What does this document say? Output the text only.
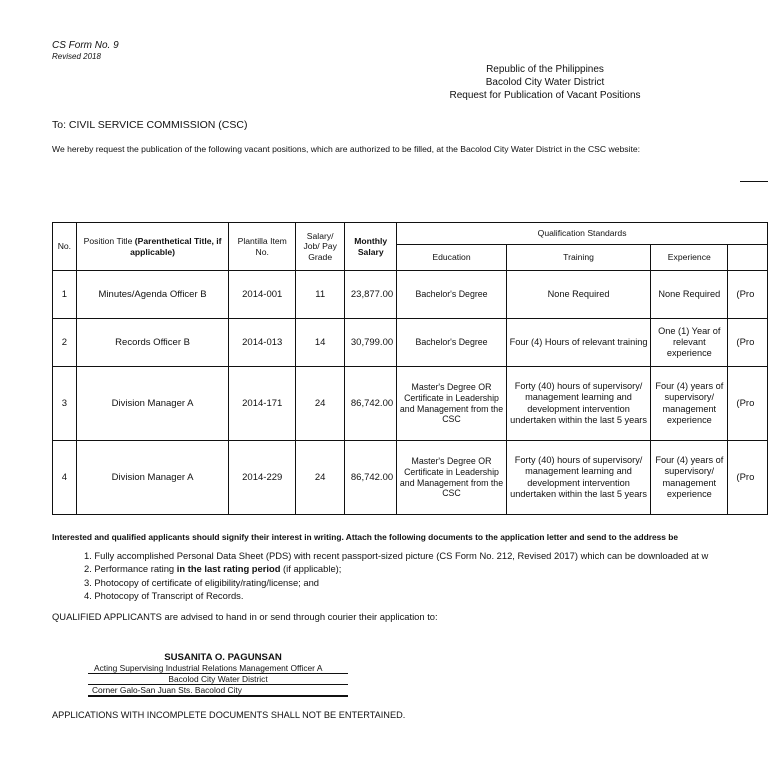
CS Form No. 9
Revised 2018
Republic of the Philippines
Bacolod City Water District
Request for Publication of Vacant Positions
To: CIVIL SERVICE COMMISSION (CSC)
We hereby request the publication of the following vacant positions, which are authorized to be filled, at the Bacolod City Water District in the CSC website:
No.	Position Title (Parenthetical Title, if applicable)	Plantilla Item No.	Salary/ Job/ Pay Grade	Monthly Salary	Qualification Standards			
					Education	Training	Experience	
1	Minutes/Agenda Officer B	2014-001	11	23,877.00	Bachelor's Degree	None Required	None Required	(Pro
2	Records Officer B	2014-013	14	30,799.00	Bachelor's Degree	Four (4) Hours of relevant training	One (1) Year of relevant experience	(Pro
3	Division Manager A	2014-171	24	86,742.00	Master's Degree OR Certificate in Leadership and Management from the CSC	Forty (40) hours of supervisory/ management learning and development intervention undertaken within the last 5 years	Four (4) years of supervisory/ management experience	(Pro
4	Division Manager A	2014-229	24	86,742.00	Master's Degree OR Certificate in Leadership and Management from the CSC	Forty (40) hours of supervisory/ management learning and development intervention undertaken within the last 5 years	Four (4) years of supervisory/ management experience	(Pro
Interested and qualified applicants should signify their interest in writing. Attach the following documents to the application letter and send to the address be
1. Fully accomplished Personal Data Sheet (PDS) with recent passport-sized picture (CS Form No. 212, Revised 2017) which can be downloaded at w
2. Performance rating in the last rating period (if applicable);
3. Photocopy of certificate of eligibility/rating/license; and
4. Photocopy of Transcript of Records.
QUALIFIED APPLICANTS are advised to hand in or send through courier their application to:
SUSANITA O. PAGUNSAN
Acting Supervising Industrial Relations Management Officer A
Bacolod City Water District
Corner Galo-San Juan Sts. Bacolod City
APPLICATIONS WITH INCOMPLETE DOCUMENTS SHALL NOT BE ENTERTAINED.
